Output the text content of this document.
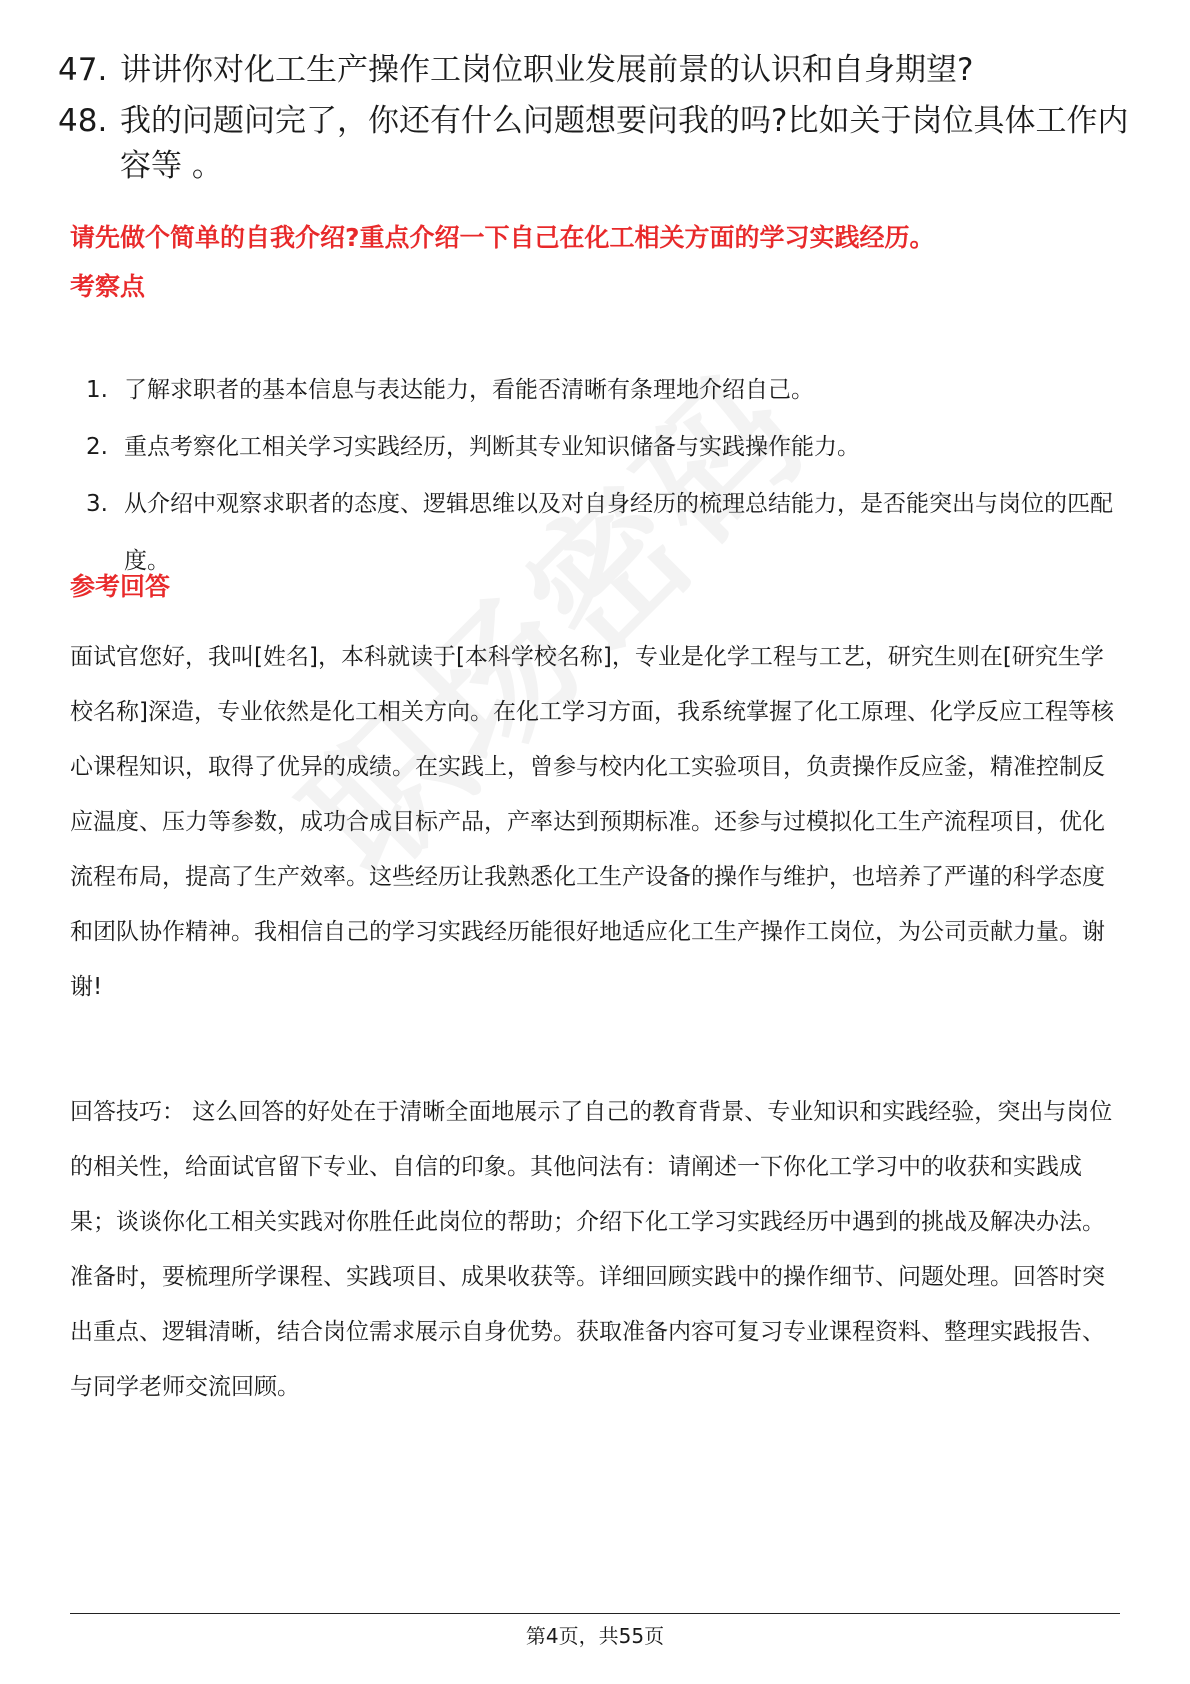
47. 讲讲你对化工生产操作工岗位职业发展前景的认识和自身期望?
48. 我的问题问完了，你还有什么问题想要问我的吗?比如关于岗位具体工作内容等 。
请先做个简单的自我介绍?重点介绍一下自己在化工相关方面的学习实践经历。
考察点
1. 了解求职者的基本信息与表达能力，看能否清晰有条理地介绍自己。
2. 重点考察化工相关学习实践经历，判断其专业知识储备与实践操作能力。
3. 从介绍中观察求职者的态度、逻辑思维以及对自身经历的梳理总结能力，是否能突出与岗位的匹配度。
参考回答

面试官您好，我叫[姓名]，本科就读于[本科学校名称]，专业是化学工程与工艺，研究生则在[研究生学校名称]深造，专业依然是化工相关方向。在化工学习方面，我系统掌握了化工原理、化学反应工程等核心课程知识，取得了优异的成绩。在实践上，曾参与校内化工实验项目，负责操作反应釜，精准控制反应温度、压力等参数，成功合成目标产品，产率达到预期标准。还参与过模拟化工生产流程项目，优化流程布局，提高了生产效率。这些经历让我熟悉化工生产设备的操作与维护，也培养了严谨的科学态度和团队协作精神。我相信自己的学习实践经历能很好地适应化工生产操作工岗位，为公司贡献力量。谢谢!

回答技巧： 这么回答的好处在于清晰全面地展示了自己的教育背景、专业知识和实践经验，突出与岗位的相关性，给面试官留下专业、自信的印象。其他问法有：请阐述一下你化工学习中的收获和实践成果；谈谈你化工相关实践对你胜任此岗位的帮助；介绍下化工学习实践经历中遇到的挑战及解决办法。准备时，要梳理所学课程、实践项目、成果收获等。详细回顾实践中的操作细节、问题处理。回答时突出重点、逻辑清晰，结合岗位需求展示自身优势。获取准备内容可复习专业课程资料、整理实践报告、与同学老师交流回顾。

第4页，共55页
